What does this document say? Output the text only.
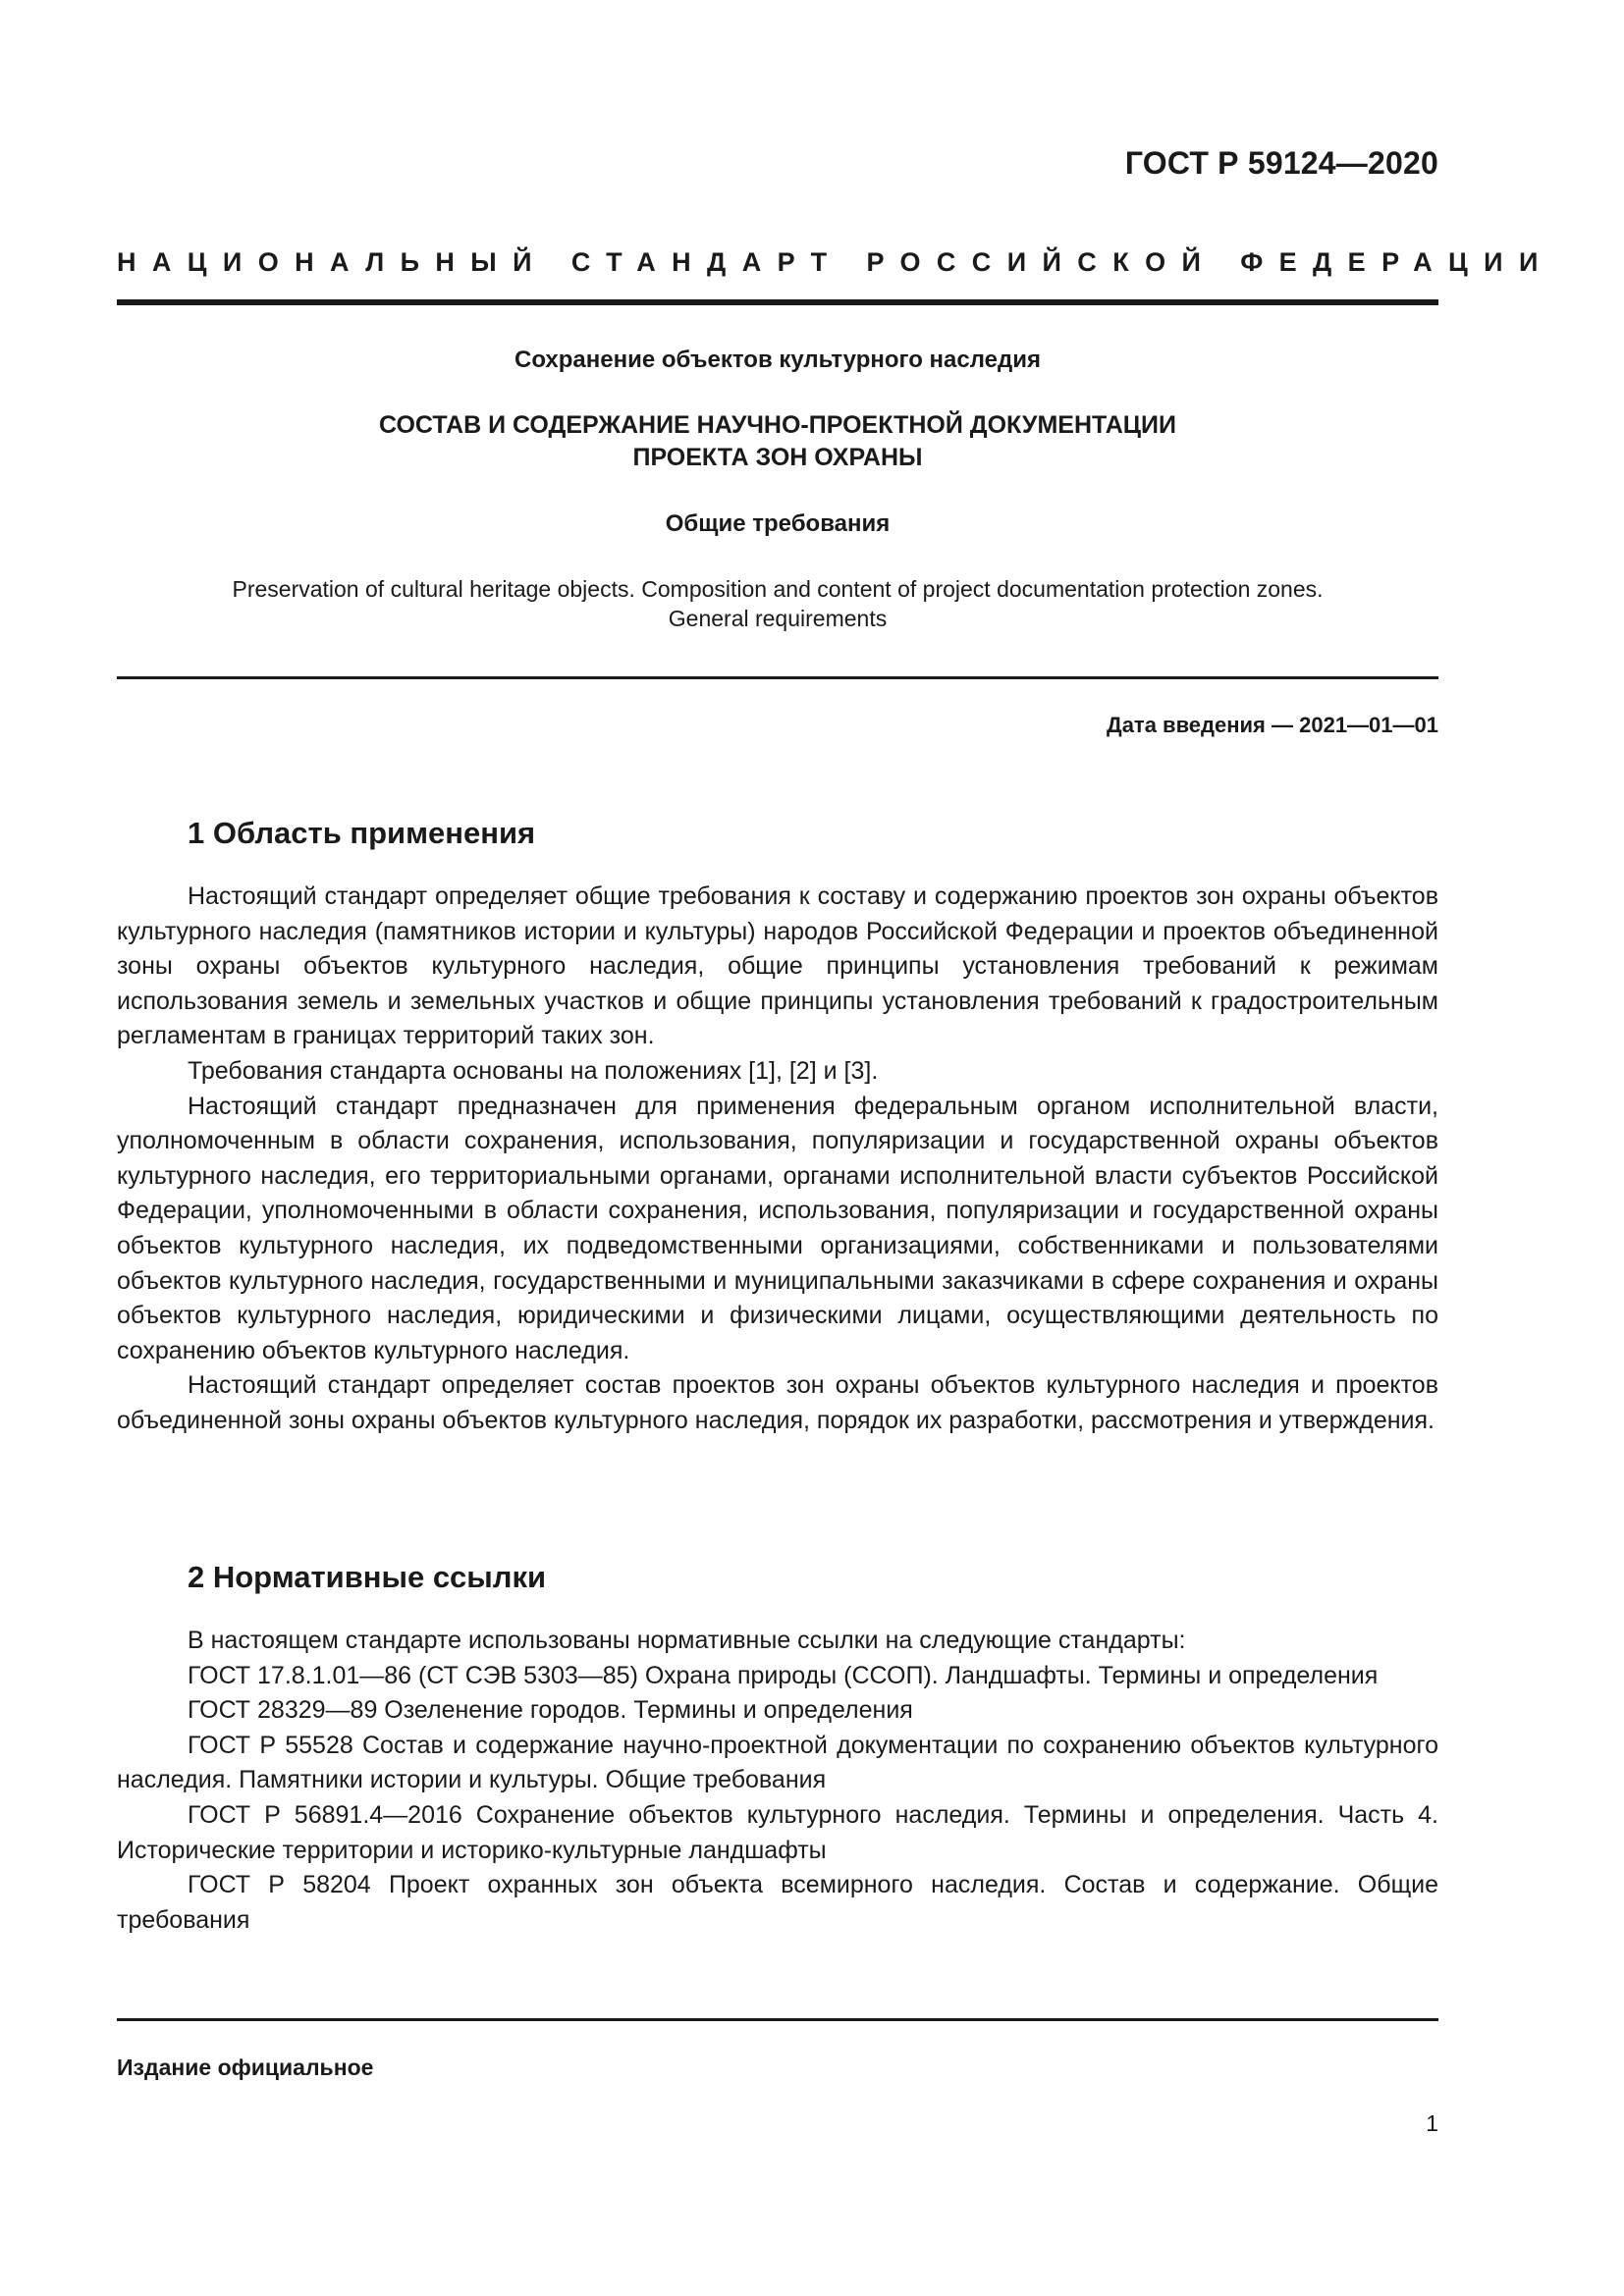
ГОСТ Р 59124—2020
НАЦИОНАЛЬНЫЙ СТАНДАРТ РОССИЙСКОЙ ФЕДЕРАЦИИ
Сохранение объектов культурного наследия
СОСТАВ И СОДЕРЖАНИЕ НАУЧНО-ПРОЕКТНОЙ ДОКУМЕНТАЦИИ
ПРОЕКТА ЗОН ОХРАНЫ
Общие требования
Preservation of cultural heritage objects. Composition and content of project documentation protection zones.
General requirements
Дата введения — 2021—01—01
1 Область применения

Настоящий стандарт определяет общие требования к составу и содержанию проектов зон охраны объектов культурного наследия (памятников истории и культуры) народов Российской Федерации и проектов объединенной зоны охраны объектов культурного наследия, общие принципы установления требований к режимам использования земель и земельных участков и общие принципы установления требований к градостроительным регламентам в границах территорий таких зон.

Требования стандарта основаны на положениях [1], [2] и [3].

Настоящий стандарт предназначен для применения федеральным органом исполнительной власти, уполномоченным в области сохранения, использования, популяризации и государственной охраны объектов культурного наследия, его территориальными органами, органами исполнительной власти субъектов Российской Федерации, уполномоченными в области сохранения, использования, популяризации и государственной охраны объектов культурного наследия, их подведомственными организациями, собственниками и пользователями объектов культурного наследия, государственными и муниципальными заказчиками в сфере сохранения и охраны объектов культурного наследия, юридическими и физическими лицами, осуществляющими деятельность по сохранению объектов культурного наследия.

Настоящий стандарт определяет состав проектов зон охраны объектов культурного наследия и проектов объединенной зоны охраны объектов культурного наследия, порядок их разработки, рассмотрения и утверждения.

2 Нормативные ссылки

В настоящем стандарте использованы нормативные ссылки на следующие стандарты:

ГОСТ 17.8.1.01—86 (СТ СЭВ 5303—85) Охрана природы (ССОП). Ландшафты. Термины и определения

ГОСТ 28329—89 Озеленение городов. Термины и определения

ГОСТ Р 55528 Состав и содержание научно-проектной документации по сохранению объектов культурного наследия. Памятники истории и культуры. Общие требования

ГОСТ Р 56891.4—2016 Сохранение объектов культурного наследия. Термины и определения. Часть 4. Исторические территории и историко-культурные ландшафты

ГОСТ Р 58204 Проект охранных зон объекта всемирного наследия. Состав и содержание. Общие требования

Издание официальное
1
